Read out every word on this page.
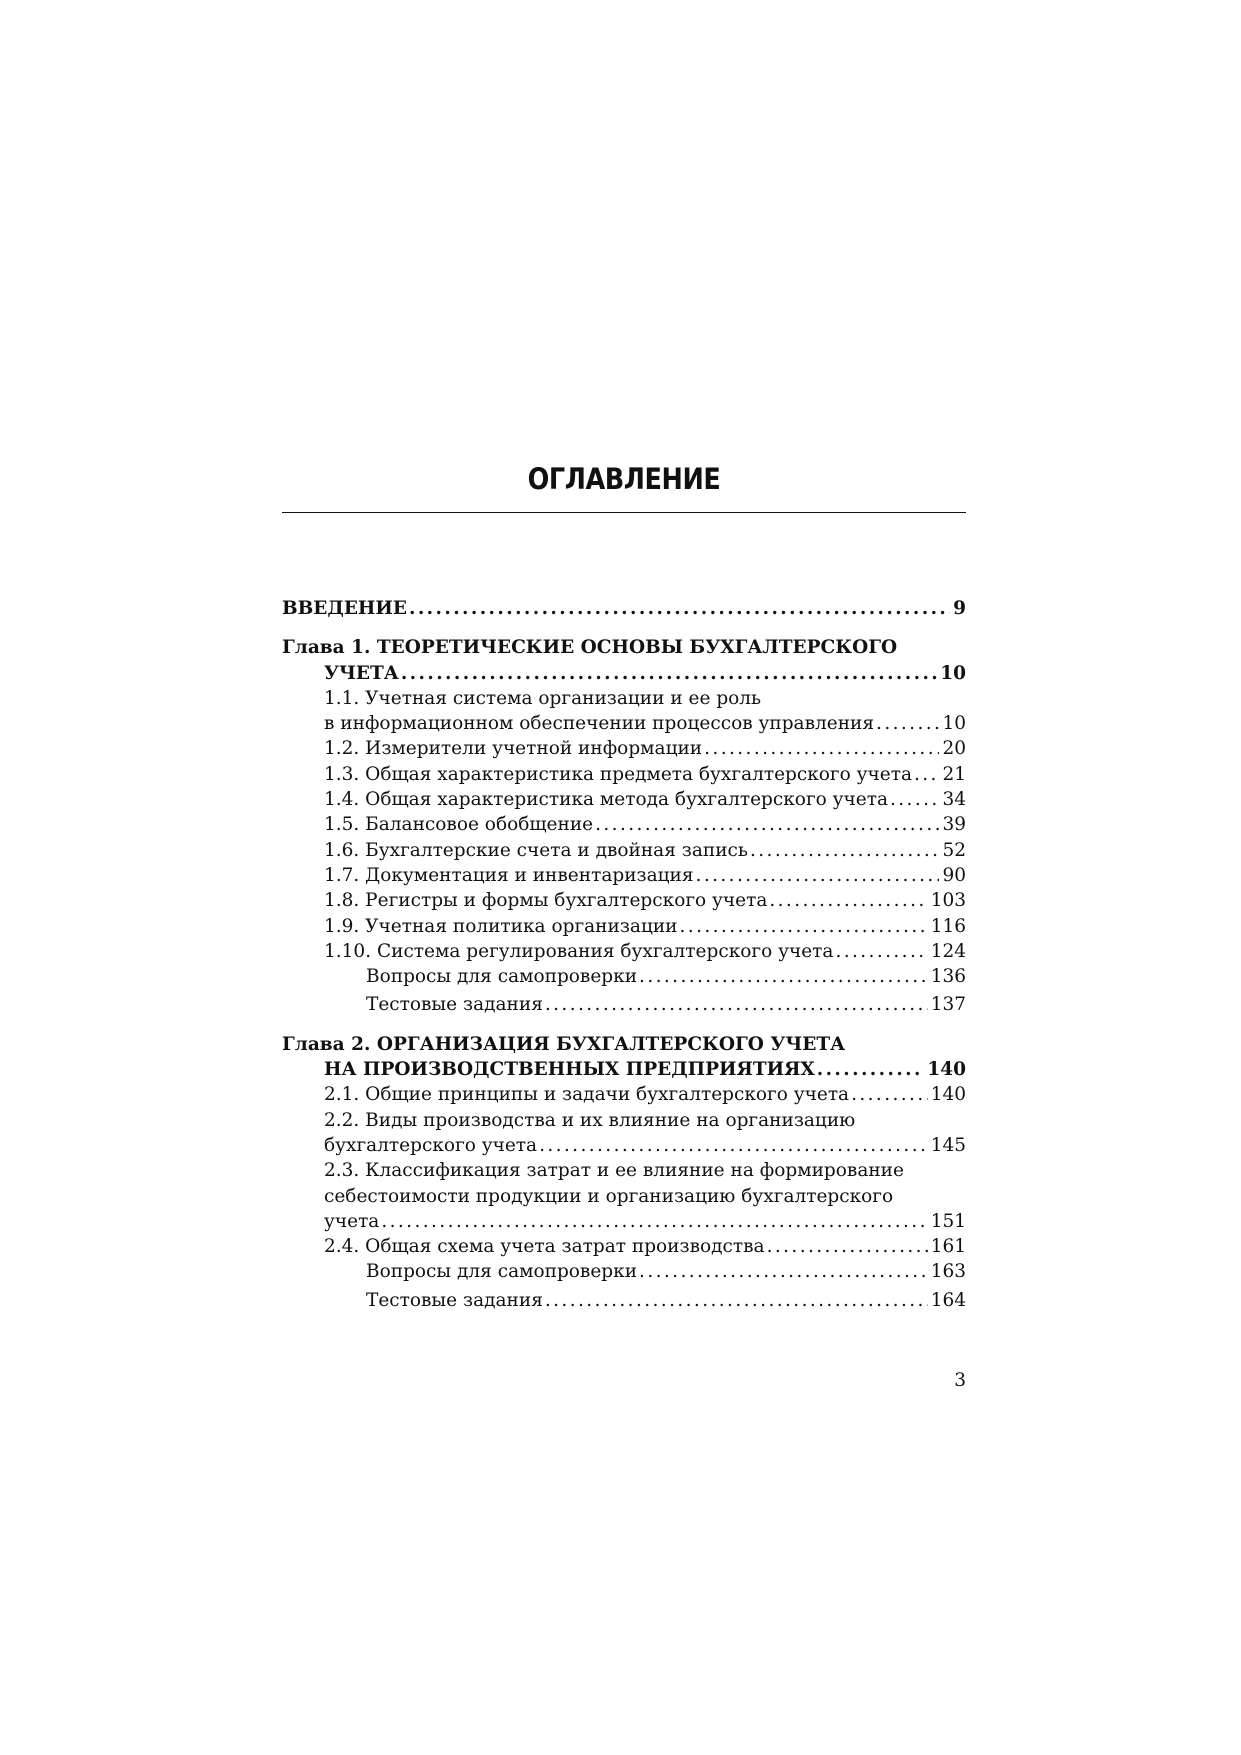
ОГЛАВЛЕНИЕ
ВВЕДЕНИЕ .....	9
Глава 1. ТЕОРЕТИЧЕСКИЕ ОСНОВЫ БУХГАЛТЕРСКОГО
УЧЕТА .....	10
1.1. Учетная система организации и ее роль
в информационном обеспечении процессов управления .....	10
1.2. Измерители учетной информации .....	20
1.3. Общая характеристика предмета бухгалтерского учета ..... 21
1.4. Общая характеристика метода бухгалтерского учета .....	34
1.5. Балансовое обобщение .....	39
1.6. Бухгалтерские счета и двойная запись .....	52
1.7. Документация и инвентаризация .....	90
1.8. Регистры и формы бухгалтерского учета .....	103
1.9. Учетная политика организации .....	116
1.10. Система регулирования бухгалтерского учета .....	124
Вопросы для самопроверки .....	136
Тестовые задания .....	137
Глава 2. ОРГАНИЗАЦИЯ БУХГАЛТЕРСКОГО УЧЕТА
НА ПРОИЗВОДСТВЕННЫХ ПРЕДПРИЯТИЯХ .....	140
2.1. Общие принципы и задачи бухгалтерского учета .....	140
2.2. Виды производства и их влияние на организацию
бухгалтерского учета .....	145
2.3. Классификация затрат и ее влияние на формирование
себестоимости продукции и организацию бухгалтерского
учета .....	151
2.4. Общая схема учета затрат производства .....	161
Вопросы для самопроверки .....	163
Тестовые задания .....	164
3
